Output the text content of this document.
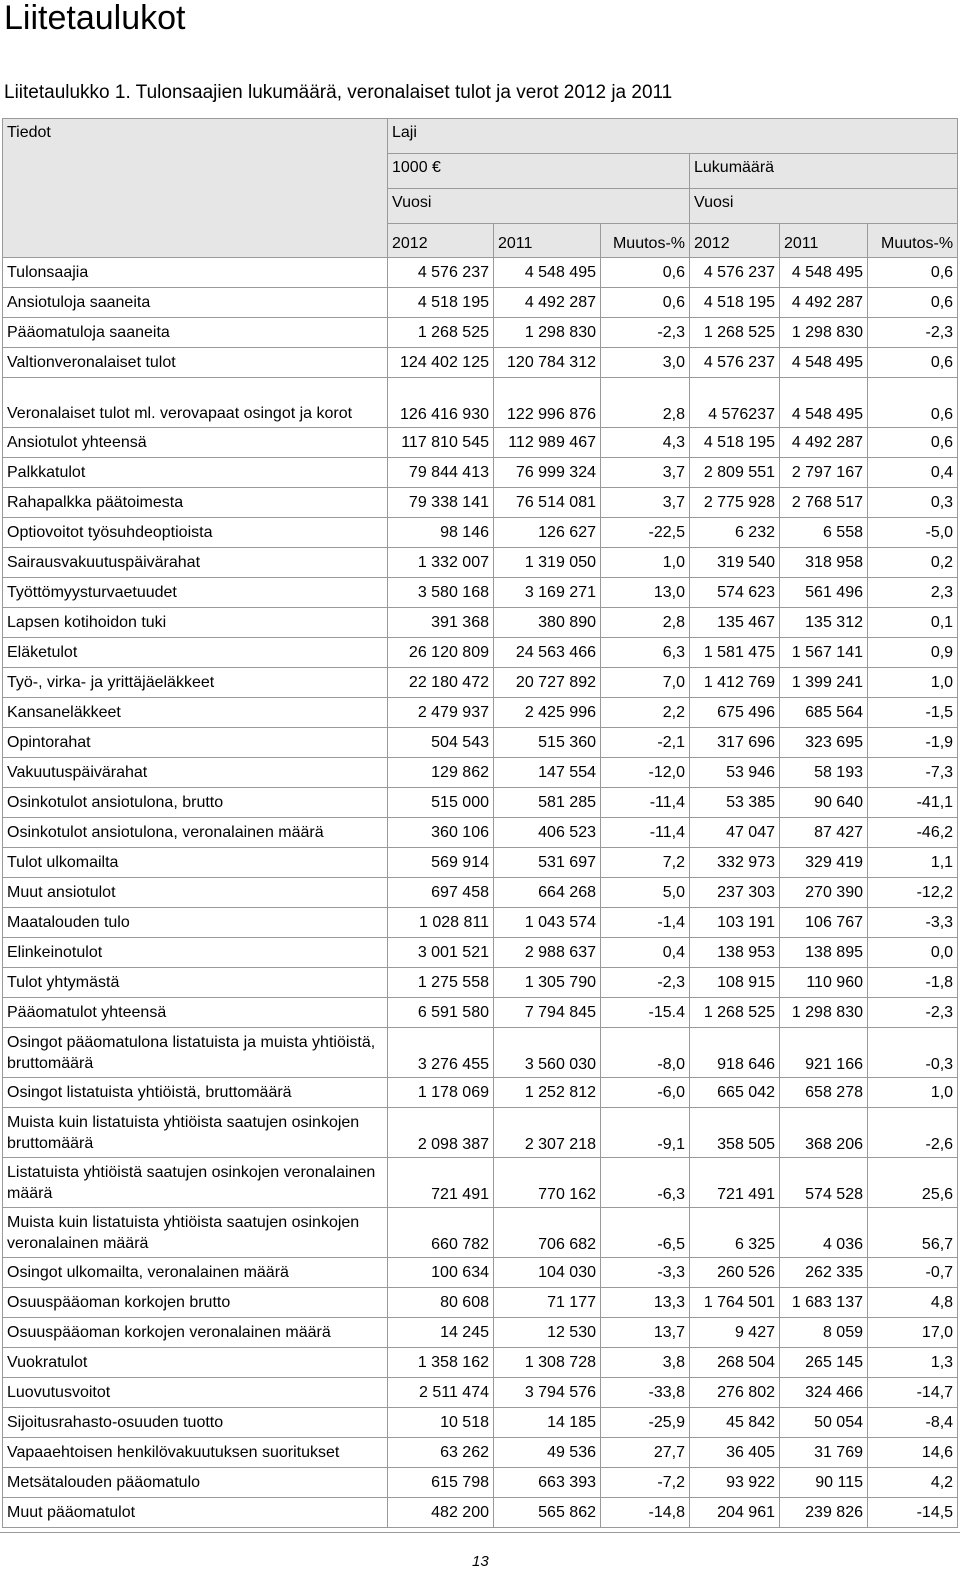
Liitetaulukot
Liitetaulukko 1. Tulonsaajien lukumäärä, veronalaiset tulot ja verot 2012 ja 2011
Tiedot	Laji					
	1000 €			Lukumäärä		
	Vuosi			Vuosi		
	2012	2011	Muutos-%	2012	2011	Muutos-%
Tulonsaajia	4 576 237	4 548 495	0,6	4 576 237	4 548 495	0,6
Ansiotuloja saaneita	4 518 195	4 492 287	0,6	4 518 195	4 492 287	0,6
Pääomatuloja saaneita	1 268 525	1 298 830	-2,3	1 268 525	1 298 830	-2,3
Valtionveronalaiset tulot	124 402 125	120 784 312	3,0	4 576 237	4 548 495	0,6
Veronalaiset tulot ml. verovapaat osingot ja korot	126 416 930	122 996 876	2,8	4 576237	4 548 495	0,6
Ansiotulot yhteensä	117 810 545	112 989 467	4,3	4 518 195	4 492 287	0,6
Palkkatulot	79 844 413	76 999 324	3,7	2 809 551	2 797 167	0,4
Rahapalkka päätoimesta	79 338 141	76 514 081	3,7	2 775 928	2 768 517	0,3
Optiovoitot työsuhdeoptioista	98 146	126 627	-22,5	6 232	6 558	-5,0
Sairausvakuutuspäivärahat	1 332 007	1 319 050	1,0	319 540	318 958	0,2
Työttömyysturvaetuudet	3 580 168	3 169 271	13,0	574 623	561 496	2,3
Lapsen kotihoidon tuki	391 368	380 890	2,8	135 467	135 312	0,1
Eläketulot	26 120 809	24 563 466	6,3	1 581 475	1 567 141	0,9
Työ-, virka- ja yrittäjäeläkkeet	22 180 472	20 727 892	7,0	1 412 769	1 399 241	1,0
Kansaneläkkeet	2 479 937	2 425 996	2,2	675 496	685 564	-1,5
Opintorahat	504 543	515 360	-2,1	317 696	323 695	-1,9
Vakuutuspäivärahat	129 862	147 554	-12,0	53 946	58 193	-7,3
Osinkotulot ansiotulona, brutto	515 000	581 285	-11,4	53 385	90 640	-41,1
Osinkotulot ansiotulona, veronalainen määrä	360 106	406 523	-11,4	47 047	87 427	-46,2
Tulot ulkomailta	569 914	531 697	7,2	332 973	329 419	1,1
Muut ansiotulot	697 458	664 268	5,0	237 303	270 390	-12,2
Maatalouden tulo	1 028 811	1 043 574	-1,4	103 191	106 767	-3,3
Elinkeinotulot	3 001 521	2 988 637	0,4	138 953	138 895	0,0
Tulot yhtymästä	1 275 558	1 305 790	-2,3	108 915	110 960	-1,8
Pääomatulot yhteensä	6 591 580	7 794 845	-15.4	1 268 525	1 298 830	-2,3
Osingot pääomatulona listatuista ja muista yhtiöistä, bruttomäärä	3 276 455	3 560 030	-8,0	918 646	921 166	-0,3
Osingot listatuista yhtiöistä, bruttomäärä	1 178 069	1 252 812	-6,0	665 042	658 278	1,0
Muista kuin listatuista yhtiöista saatujen osinkojen bruttomäärä	2 098 387	2 307 218	-9,1	358 505	368 206	-2,6
Listatuista yhtiöistä saatujen osinkojen veronalainen määrä	721 491	770 162	-6,3	721 491	574 528	25,6
Muista kuin listatuista yhtiöista saatujen osinkojen veronalainen määrä	660 782	706 682	-6,5	6 325	4 036	56,7
Osingot ulkomailta, veronalainen määrä	100 634	104 030	-3,3	260 526	262 335	-0,7
Osuuspääoman korkojen brutto	80 608	71 177	13,3	1 764 501	1 683 137	4,8
Osuuspääoman korkojen veronalainen määrä	14 245	12 530	13,7	9 427	8 059	17,0
Vuokratulot	1 358 162	1 308 728	3,8	268 504	265 145	1,3
Luovutusvoitot	2 511 474	3 794 576	-33,8	276 802	324 466	-14,7
Sijoitusrahasto-osuuden tuotto	10 518	14 185	-25,9	45 842	50 054	-8,4
Vapaaehtoisen henkilövakuutuksen suoritukset	63 262	49 536	27,7	36 405	31 769	14,6
Metsätalouden pääomatulo	615 798	663 393	-7,2	93 922	90 115	4,2
Muut pääomatulot	482 200	565 862	-14,8	204 961	239 826	-14,5
13
